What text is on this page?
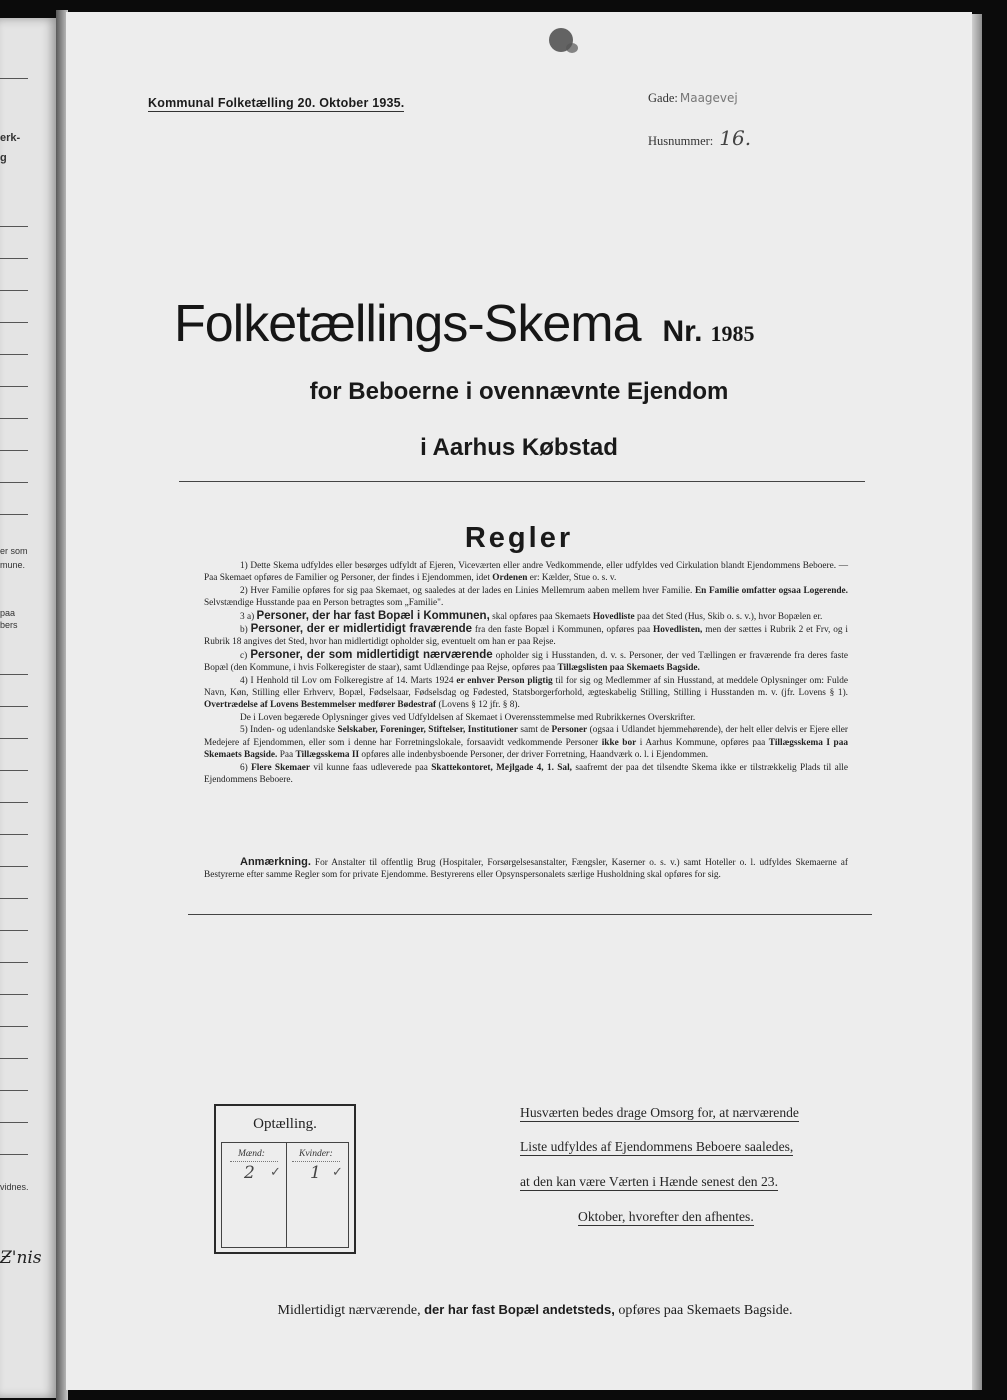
erk-
g
er som
mune.
paa
bers
vidnes.
Ƶ'nis
Kommunal Folketælling 20. Oktober 1935.	Gade: Maagevej
Husnummer: 16.
Folketællings-Skema Nr. 1985
for Beboerne i ovennævnte Ejendom
i Aarhus Købstad
Regler

1) Dette Skema udfyldes eller besørges udfyldt af Ejeren, Viceværten eller andre Vedkommende, eller udfyldes ved Cirkulation blandt Ejendommens Beboere. — Paa Skemaet opføres de Familier og Personer, der findes i Ejendommen, idet Ordenen er: Kælder, Stue o. s. v.

2) Hver Familie opføres for sig paa Skemaet, og saaledes at der lades en Linies Mellemrum aaben mellem hver Familie. En Familie omfatter ogsaa Logerende. Selvstændige Husstande paa en Person betragtes som „Familie".

3 a) Personer, der har fast Bopæl i Kommunen, skal opføres paa Skemaets Hovedliste paa det Sted (Hus, Skib o. s. v.), hvor Bopælen er.

b) Personer, der er midlertidigt fraværende fra den faste Bopæl i Kommunen, opføres paa Hovedlisten, men der sættes i Rubrik 2 et Frv, og i Rubrik 18 angives det Sted, hvor han midlertidigt opholder sig, eventuelt om han er paa Rejse.

c) Personer, der som midlertidigt nærværende opholder sig i Husstanden, d. v. s. Personer, der ved Tællingen er fraværende fra deres faste Bopæl (den Kommune, i hvis Folkeregister de staar), samt Udlændinge paa Rejse, opføres paa Tillægslisten paa Skemaets Bagside.

4) I Henhold til Lov om Folkeregistre af 14. Marts 1924 er enhver Person pligtig til for sig og Medlemmer af sin Husstand, at meddele Oplysninger om: Fulde Navn, Køn, Stilling eller Erhverv, Bopæl, Fødselsaar, Fødselsdag og Fødested, Statsborgerforhold, ægteskabelig Stilling, Stilling i Husstanden m. v. (jfr. Lovens § 1). Overtrædelse af Lovens Bestemmelser medfører Bødestraf (Lovens § 12 jfr. § 8).

De i Loven begærede Oplysninger gives ved Udfyldelsen af Skemaet i Overensstemmelse med Rubrikkernes Overskrifter.

5) Inden- og udenlandske Selskaber, Foreninger, Stiftelser, Institutioner samt de Personer (ogsaa i Udlandet hjemmehørende), der helt eller delvis er Ejere eller Medejere af Ejendommen, eller som i denne har Forretningslokale, forsaavidt vedkommende Personer ikke bor i Aarhus Kommune, opføres paa Tillægsskema I paa Skemaets Bagside. Paa Tillægsskema II opføres alle indenbysboende Personer, der driver Forretning, Haandværk o. l. i Ejendommen.

6) Flere Skemaer vil kunne faas udleverede paa Skattekontoret, Mejlgade 4, 1. Sal, saafremt der paa det tilsendte Skema ikke er tilstrækkelig Plads til alle Ejendommens Beboere.

Anmærkning. For Anstalter til offentlig Brug (Hospitaler, Forsørgelsesanstalter, Fængsler, Kaserner o. s. v.) samt Hoteller o. l. udfyldes Skemaerne af Bestyrerne efter samme Regler som for private Ejendomme. Bestyrerens eller Opsynspersonalets særlige Husholdning skal opføres for sig.

Optælling.
Mænd:	Kvinder:
2	1
✓	✓
Husværten bedes drage Omsorg for, at nærværende
Liste udfyldes af Ejendommens Beboere saaledes,
at den kan være Værten i Hænde senest den 23.
Oktober, hvorefter den afhentes.
Midlertidigt nærværende, der har fast Bopæl andetsteds, opføres paa Skemaets Bagside.
